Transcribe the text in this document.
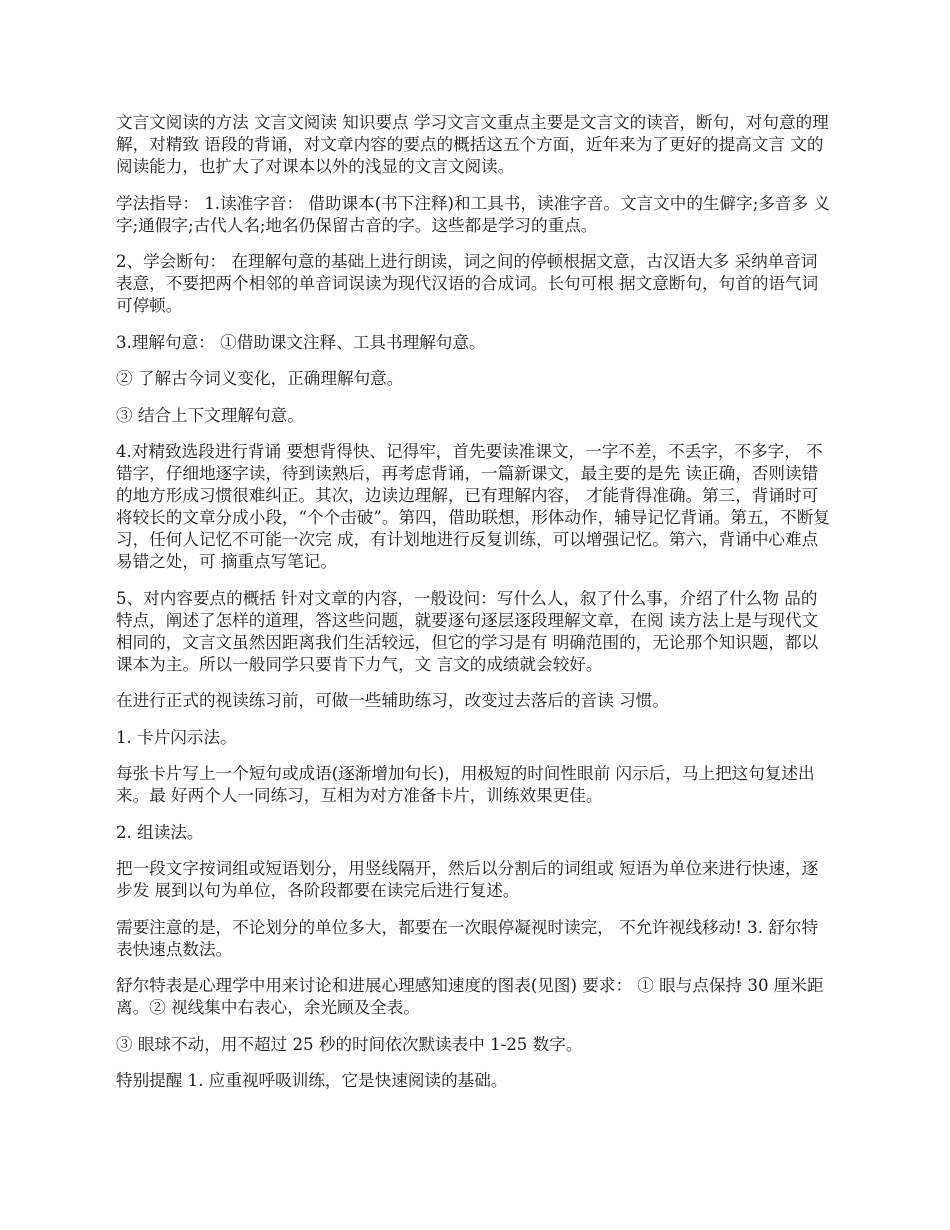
文言文阅读的方法 文言文阅读 知识要点 学习文言文重点主要是文言文的读音，断句，对句意的理解，对精致 语段的背诵，对文章内容的要点的概括这五个方面，近年来为了更好的提高文言 文的阅读能力，也扩大了对课本以外的浅显的文言文阅读。

学法指导： 1.读准字音： 借助课本(书下注释)和工具书，读准字音。文言文中的生僻字;多音多 义字;通假字;古代人名;地名仍保留古音的字。这些都是学习的重点。

2、学会断句： 在理解句意的基础上进行朗读，词之间的停顿根据文意，古汉语大多 采纳单音词表意，不要把两个相邻的单音词误读为现代汉语的合成词。长句可根 据文意断句，句首的语气词可停顿。

3.理解句意： ①借助课文注释、工具书理解句意。

② 了解古今词义变化，正确理解句意。

③ 结合上下文理解句意。

4.对精致选段进行背诵 要想背得快、记得牢，首先要读准课文，一字不差，不丢字，不多字， 不错字，仔细地逐字读，待到读熟后，再考虑背诵，一篇新课文，最主要的是先 读正确，否则读错的地方形成习惯很难纠正。其次，边读边理解，已有理解内容， 才能背得准确。第三，背诵时可将较长的文章分成小段，“个个击破”。第四，借助联想，形体动作，辅导记忆背诵。第五，不断复习，任何人记忆不可能一次完 成，有计划地进行反复训练，可以增强记忆。第六，背诵中心难点易错之处，可 摘重点写笔记。

5、对内容要点的概括 针对文章的内容，一般设问：写什么人，叙了什么事，介绍了什么物 品的特点，阐述了怎样的道理，答这些问题，就要逐句逐层逐段理解文章，在阅 读方法上是与现代文相同的，文言文虽然因距离我们生活较远，但它的学习是有 明确范围的，无论那个知识题，都以课本为主。所以一般同学只要肯下力气，文 言文的成绩就会较好。

在进行正式的视读练习前，可做一些辅助练习，改变过去落后的音读 习惯。

1. 卡片闪示法。

每张卡片写上一个短句或成语(逐渐增加句长)，用极短的时间性眼前 闪示后，马上把这句复述出来。最 好两个人一同练习，互相为对方准备卡片，训练效果更佳。

2. 组读法。

把一段文字按词组或短语划分，用竖线隔开，然后以分割后的词组或 短语为单位来进行快速，逐步发 展到以句为单位，各阶段都要在读完后进行复述。

需要注意的是，不论划分的单位多大，都要在一次眼停凝视时读完， 不允许视线移动! 3. 舒尔特表快速点数法。

舒尔特表是心理学中用来讨论和进展心理感知速度的图表(见图) 要求： ① 眼与点保持 30 厘米距离。② 视线集中右表心，余光顾及全表。

③ 眼球不动，用不超过 25 秒的时间依次默读表中 1-25 数字。

特别提醒 1. 应重视呼吸训练，它是快速阅读的基础。
